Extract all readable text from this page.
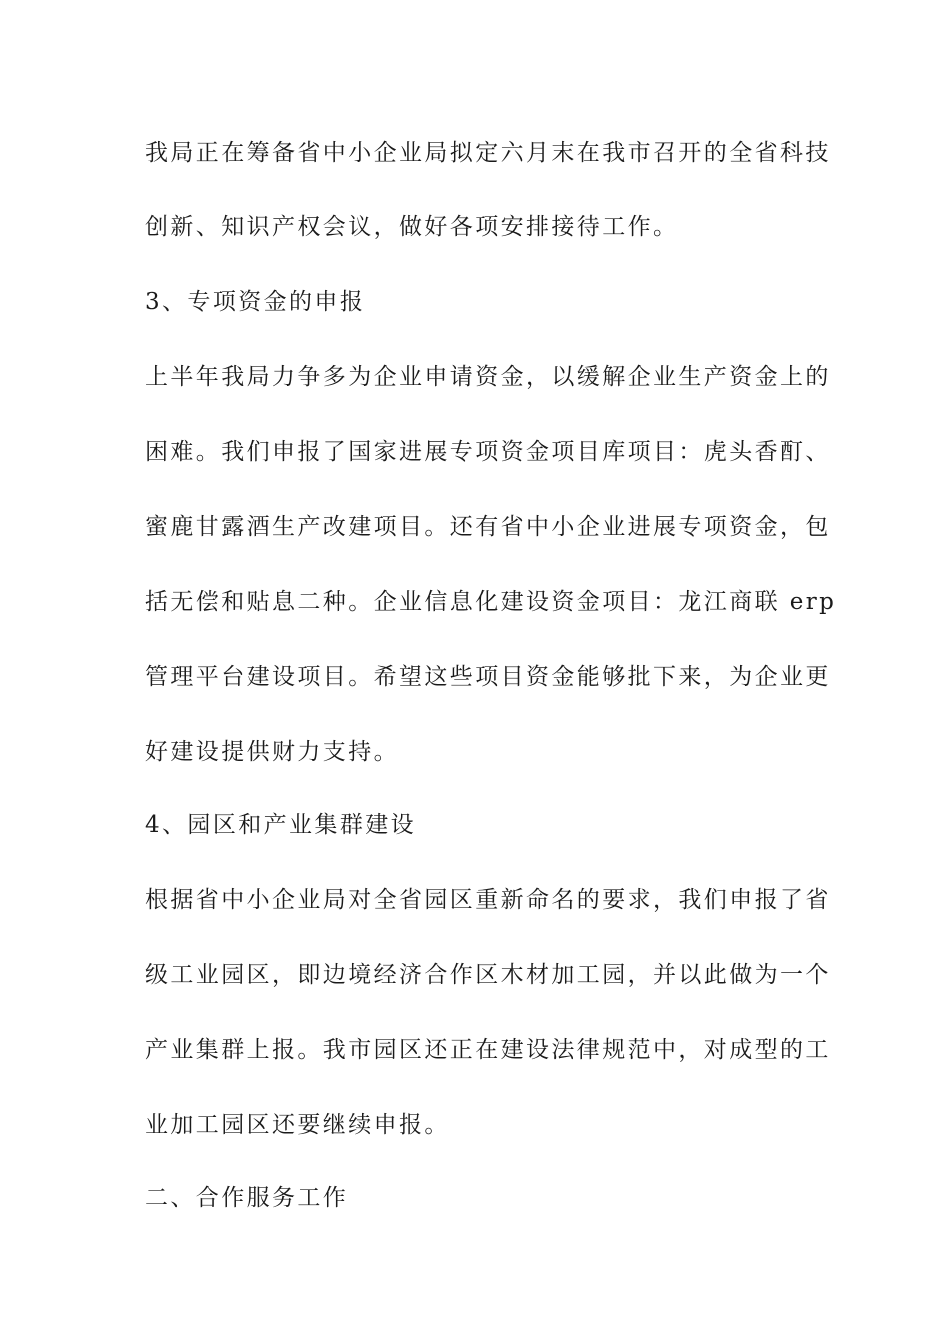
我局正在筹备省中小企业局拟定六月末在我市召开的全省科技
创新、知识产权会议，做好各项安排接待工作。
3、专项资金的申报
上半年我局力争多为企业申请资金，以缓解企业生产资金上的
困难。我们申报了国家进展专项资金项目库项目：虎头香酊、
蜜鹿甘露酒生产改建项目。还有省中小企业进展专项资金，包
括无偿和贴息二种。企业信息化建设资金项目：龙江商联 erp
管理平台建设项目。希望这些项目资金能够批下来，为企业更
好建设提供财力支持。
4、园区和产业集群建设
根据省中小企业局对全省园区重新命名的要求，我们申报了省
级工业园区，即边境经济合作区木材加工园，并以此做为一个
产业集群上报。我市园区还正在建设法律规范中，对成型的工
业加工园区还要继续申报。
二、合作服务工作
